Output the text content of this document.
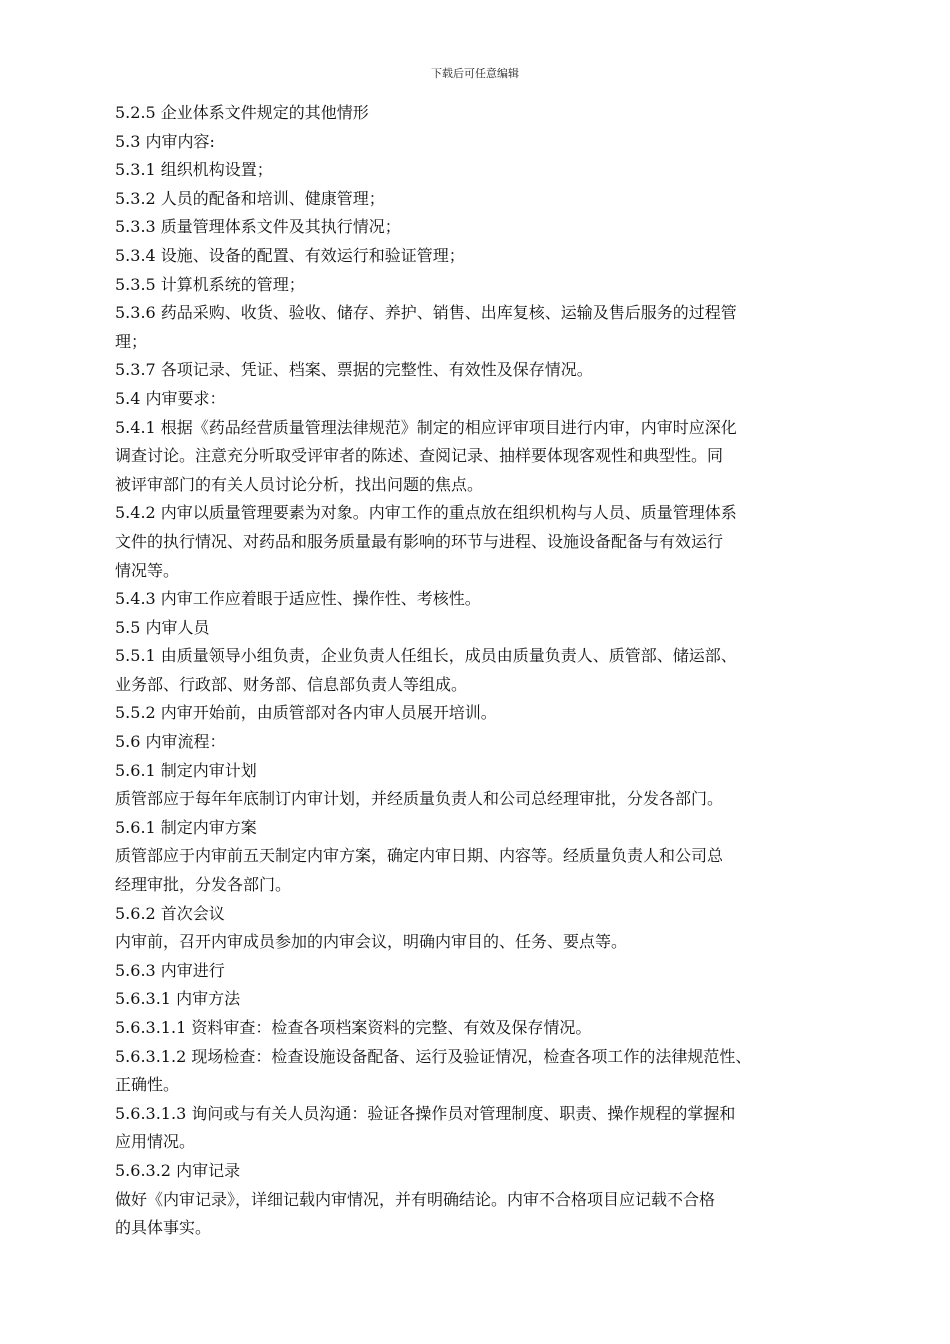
下载后可任意编辑
5.2.5 企业体系文件规定的其他情形
5.3 内审内容:
5.3.1 组织机构设置；
5.3.2 人员的配备和培训、健康管理；
5.3.3 质量管理体系文件及其执行情况；
5.3.4 设施、设备的配置、有效运行和验证管理；
5.3.5 计算机系统的管理；
5.3.6 药品采购、收货、验收、储存、养护、销售、出库复核、运输及售后服务的过程管
理；
5.3.7 各项记录、凭证、档案、票据的完整性、有效性及保存情况。
5.4 内审要求：
5.4.1 根据《药品经营质量管理法律规范》制定的相应评审项目进行内审，内审时应深化
调查讨论。注意充分听取受评审者的陈述、查阅记录、抽样要体现客观性和典型性。同
被评审部门的有关人员讨论分析，找出问题的焦点。
5.4.2 内审以质量管理要素为对象。内审工作的重点放在组织机构与人员、质量管理体系
文件的执行情况、对药品和服务质量最有影响的环节与进程、设施设备配备与有效运行
情况等。
5.4.3 内审工作应着眼于适应性、操作性、考核性。
5.5 内审人员
5.5.1 由质量领导小组负责，企业负责人任组长，成员由质量负责人、质管部、储运部、
业务部、行政部、财务部、信息部负责人等组成。
5.5.2 内审开始前，由质管部对各内审人员展开培训。
5.6 内审流程：
5.6.1 制定内审计划
质管部应于每年年底制订内审计划，并经质量负责人和公司总经理审批，分发各部门。
5.6.1 制定内审方案
质管部应于内审前五天制定内审方案，确定内审日期、内容等。经质量负责人和公司总
经理审批，分发各部门。
5.6.2 首次会议
内审前，召开内审成员参加的内审会议，明确内审目的、任务、要点等。
5.6.3 内审进行
5.6.3.1 内审方法
5.6.3.1.1 资料审查：检查各项档案资料的完整、有效及保存情况。
5.6.3.1.2 现场检查：检查设施设备配备、运行及验证情况，检查各项工作的法律规范性、
正确性。
5.6.3.1.3 询问或与有关人员沟通：验证各操作员对管理制度、职责、操作规程的掌握和
应用情况。
5.6.3.2 内审记录
做好《内审记录》，详细记载内审情况，并有明确结论。内审不合格项目应记载不合格
的具体事实。
